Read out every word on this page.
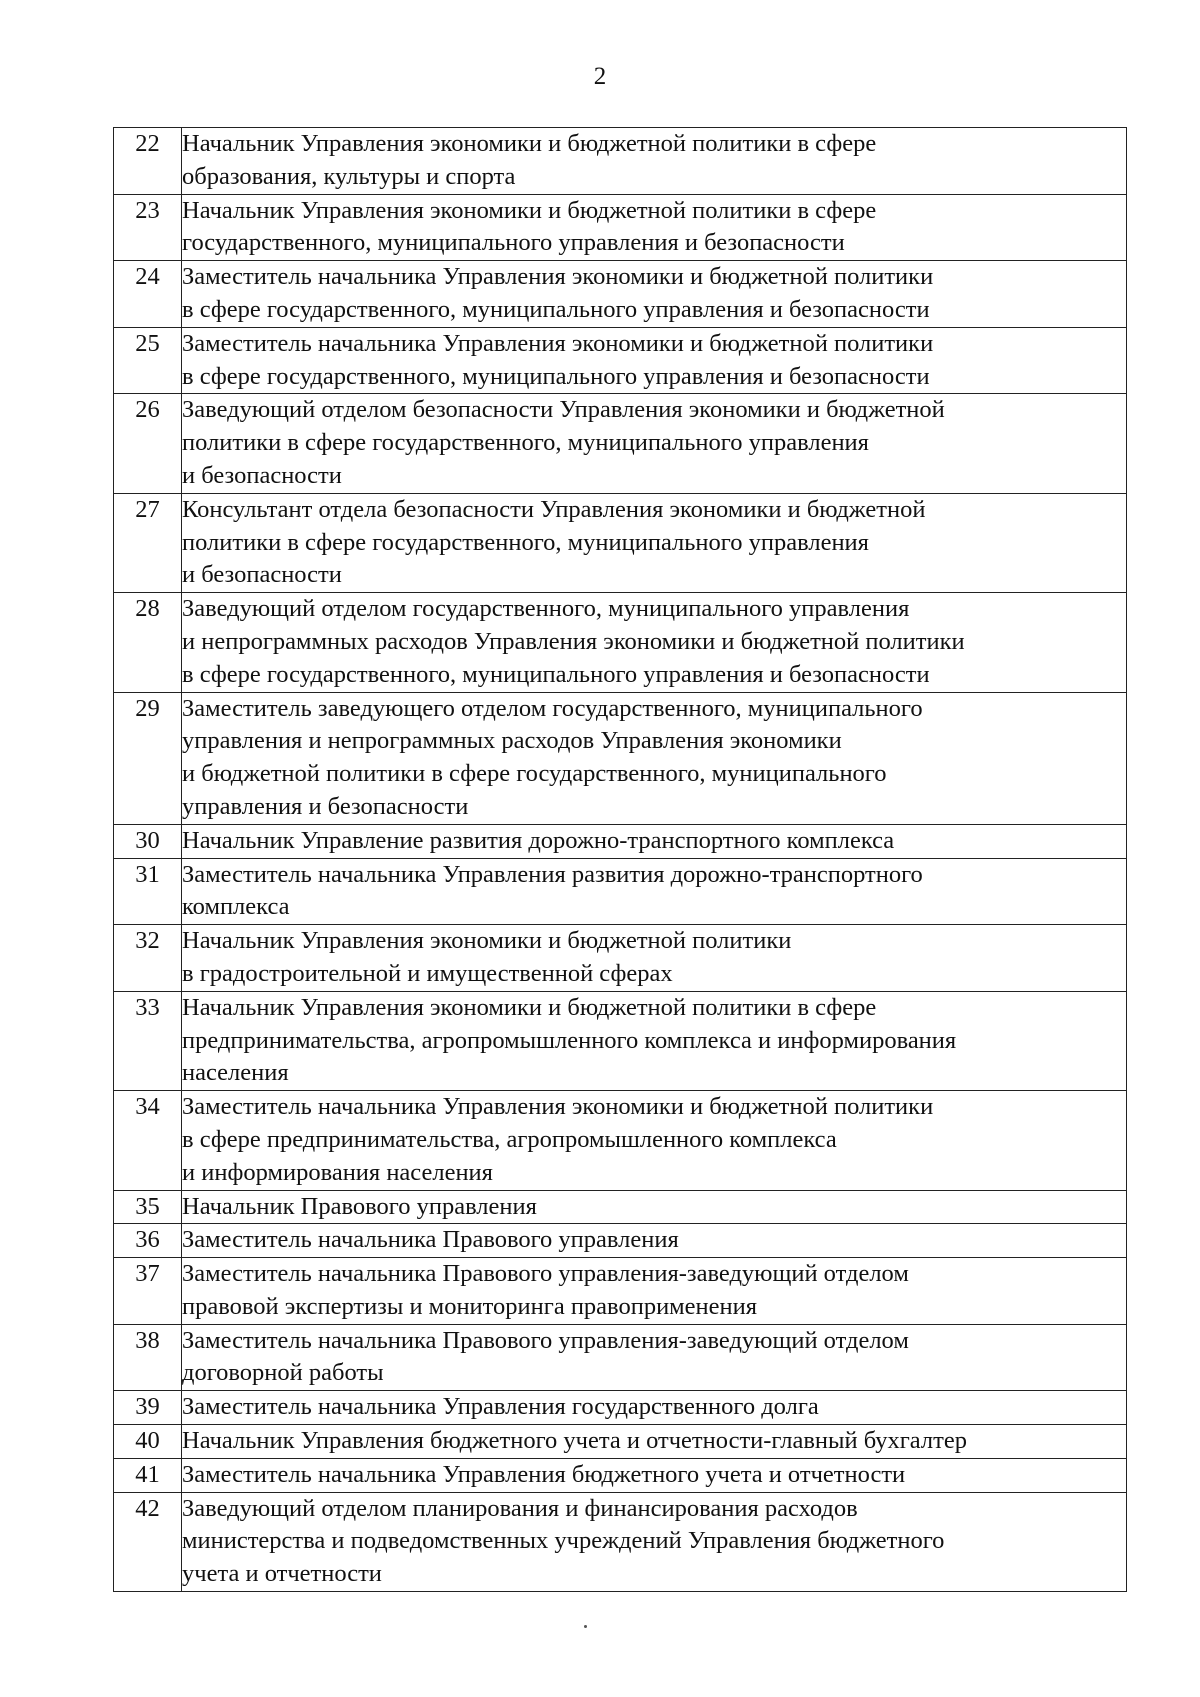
2
22	Начальник Управления экономики и бюджетной политики в сфере
образования, культуры и спорта
23	Начальник Управления экономики и бюджетной политики в сфере
государственного, муниципального управления и безопасности
24	Заместитель начальника Управления экономики и бюджетной политики
в сфере государственного, муниципального управления и безопасности
25	Заместитель начальника Управления экономики и бюджетной политики
в сфере государственного, муниципального управления и безопасности
26	Заведующий отделом безопасности Управления экономики и бюджетной
политики в сфере государственного, муниципального управления
и безопасности
27	Консультант отдела безопасности Управления экономики и бюджетной
политики в сфере государственного, муниципального управления
и безопасности
28	Заведующий отделом государственного, муниципального управления
и непрограммных расходов Управления экономики и бюджетной политики
в сфере государственного, муниципального управления и безопасности
29	Заместитель заведующего отделом государственного, муниципального
управления и непрограммных расходов Управления экономики
и бюджетной политики в сфере государственного, муниципального
управления и безопасности
30	Начальник Управление развития дорожно-транспортного комплекса
31	Заместитель начальника Управления развития дорожно-транспортного
комплекса
32	Начальник Управления экономики и бюджетной политики
в градостроительной и имущественной сферах
33	Начальник Управления экономики и бюджетной политики в сфере
предпринимательства, агропромышленного комплекса и информирования
населения
34	Заместитель начальника Управления экономики и бюджетной политики
в сфере предпринимательства, агропромышленного комплекса
и информирования населения
35	Начальник Правового управления
36	Заместитель начальника Правового управления
37	Заместитель начальника Правового управления-заведующий отделом
правовой экспертизы и мониторинга правоприменения
38	Заместитель начальника Правового управления-заведующий отделом
договорной работы
39	Заместитель начальника Управления государственного долга
40	Начальник Управления бюджетного учета и отчетности-главный бухгалтер
41	Заместитель начальника Управления бюджетного учета и отчетности
42	Заведующий отделом планирования и финансирования расходов
министерства и подведомственных учреждений Управления бюджетного
учета и отчетности
